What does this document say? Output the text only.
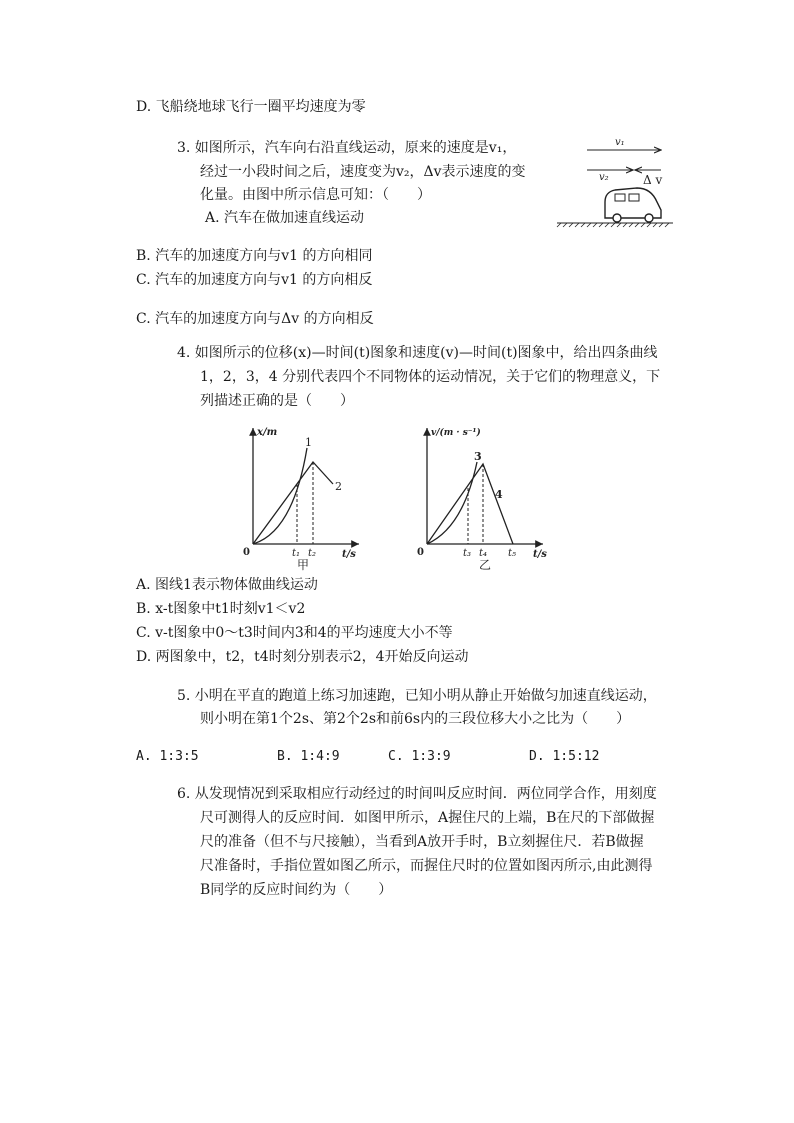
D. 飞船绕地球飞行一圈平均速度为零
3. 如图所示，汽车向右沿直线运动，原来的速度是v₁，
经过一小段时间之后，速度变为v₂，Δv表示速度的变
化量。由图中所示信息可知：（　　）
A. 汽车在做加速直线运动
v₁
v₂	Δ v
B. 汽车的加速度方向与v1 的方向相同
C. 汽车的加速度方向与v1 的方向相反
C. 汽车的加速度方向与Δv 的方向相反
4. 如图所示的位移(x)—时间(t)图象和速度(v)—时间(t)图象中，给出四条曲线
1，2，3，4 分别代表四个不同物体的运动情况，关于它们的物理意义，下
列描述正确的是（　　）
x/m
t/s
0
1
2
t₁ t₂
甲
v/(m · s⁻¹)
t/s
0
3
4
t₃ t₄ t₅
乙
A. 图线1表示物体做曲线运动
B. x-t图象中t1时刻v1＜v2
C. v-t图象中0～t3时间内3和4的平均速度大小不等
D. 两图象中，t2，t4时刻分别表示2，4开始反向运动
5. 小明在平直的跑道上练习加速跑，已知小明从静止开始做匀加速直线运动，
则小明在第1个2s、第2个2s和前6s内的三段位移大小之比为（　　）
A. 1:3:5	B. 1:4:9	C. 1:3:9	D. 1:5:12
6. 从发现情况到采取相应行动经过的时间叫反应时间．两位同学合作，用刻度
尺可测得人的反应时间．如图甲所示，A握住尺的上端，B在尺的下部做握
尺的准备（但不与尺接触），当看到A放开手时，B立刻握住尺．若B做握
尺准备时，手指位置如图乙所示，而握住尺时的位置如图丙所示,由此测得
B同学的反应时间约为（　　）
